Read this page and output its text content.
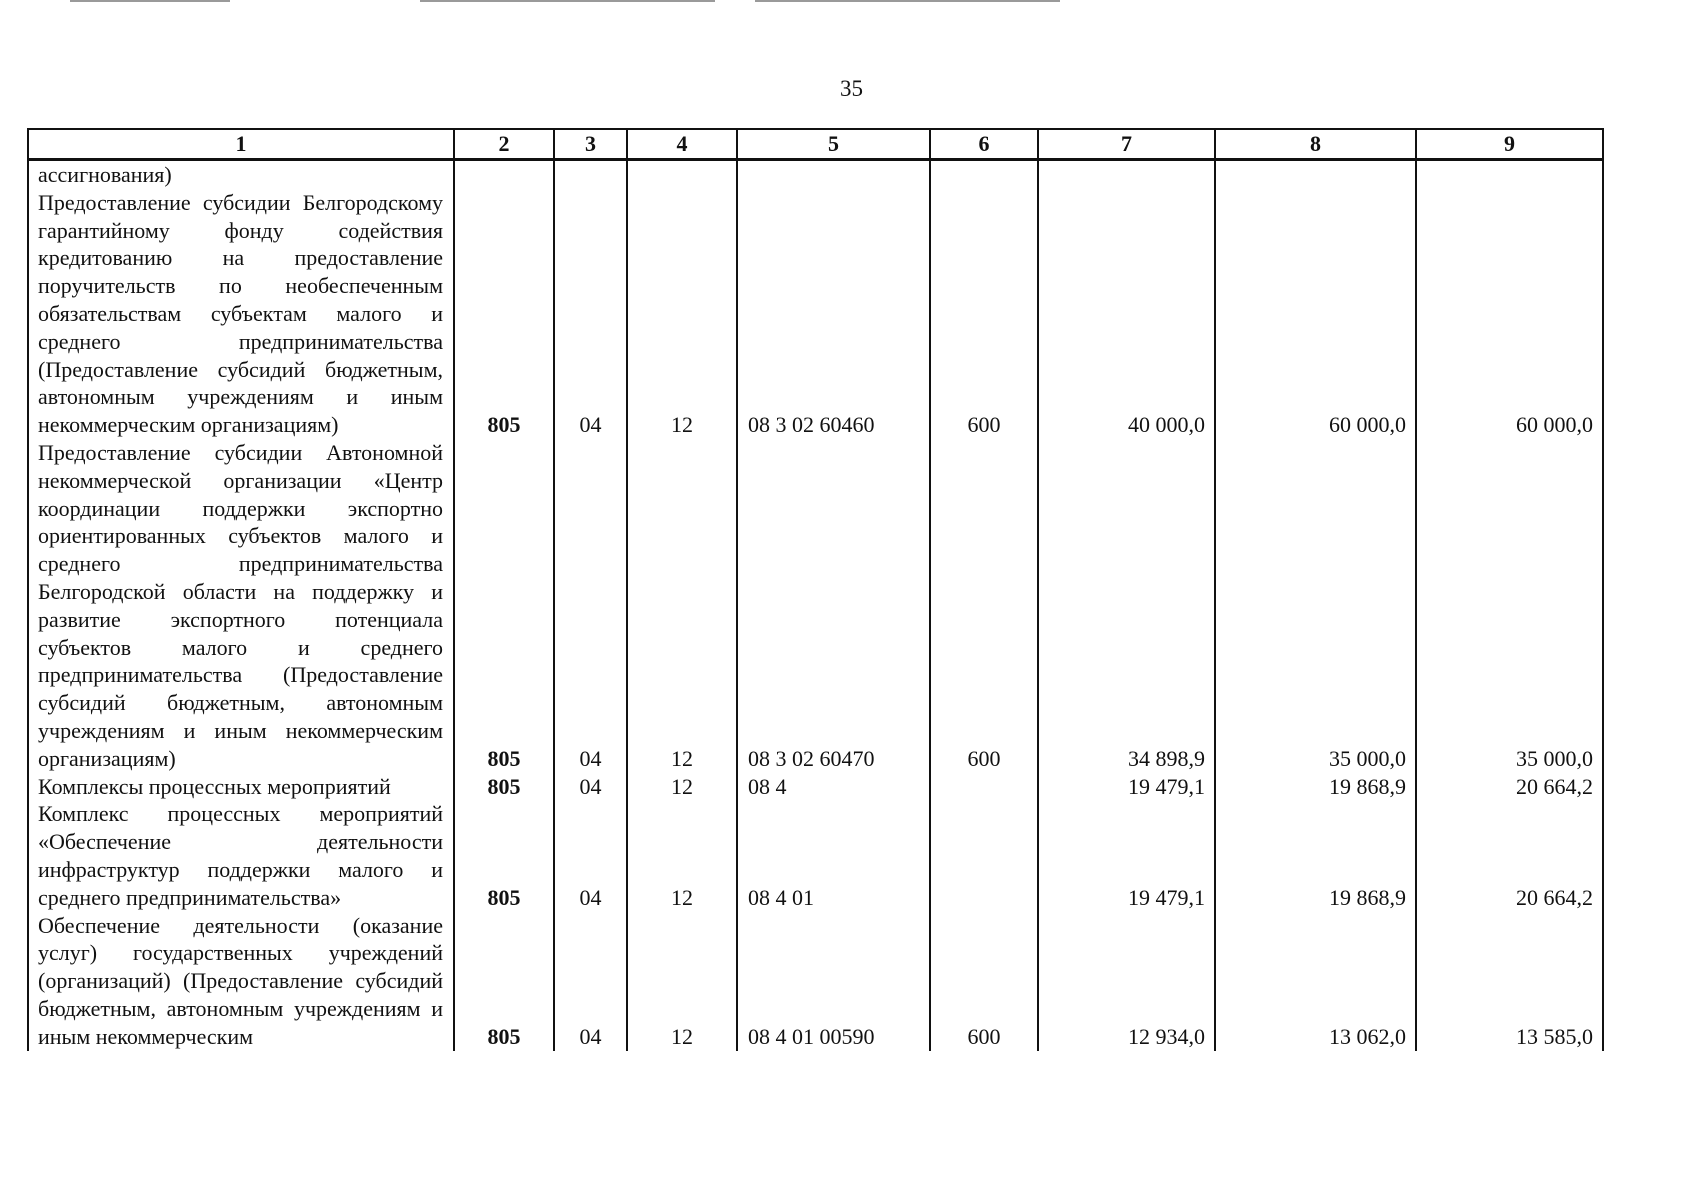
35
1	2	3	4	5	6	7	8	9
ассигнования)								
Предоставление субсидии Белгородскому гарантийному фонду содействия кредитованию на предоставление поручительств по необеспеченным обязательствам субъектам малого и среднего предпринимательства (Предоставление субсидий бюджетным, автономным учреждениям и иным некоммерческим организациям)	805	04	12	08 3 02 60460	600	40 000,0	60 000,0	60 000,0
Предоставление субсидии Автономной некоммерческой организации «Центр координации поддержки экспортно ориентированных субъектов малого и среднего предпринимательства Белгородской области на поддержку и развитие экспортного потенциала субъектов малого и среднего предпринимательства (Предоставление субсидий бюджетным, автономным учреждениям и иным некоммерческим организациям)	805	04	12	08 3 02 60470	600	34 898,9	35 000,0	35 000,0
Комплексы процессных мероприятий	805	04	12	08 4		19 479,1	19 868,9	20 664,2
Комплекс процессных мероприятий «Обеспечение деятельности инфраструктур поддержки малого и среднего предпринимательства»	805	04	12	08 4 01		19 479,1	19 868,9	20 664,2
Обеспечение деятельности (оказание услуг) государственных учреждений (организаций) (Предоставление субсидий бюджетным, автономным учреждениям и иным некоммерческим	805	04	12	08 4 01 00590	600	12 934,0	13 062,0	13 585,0
